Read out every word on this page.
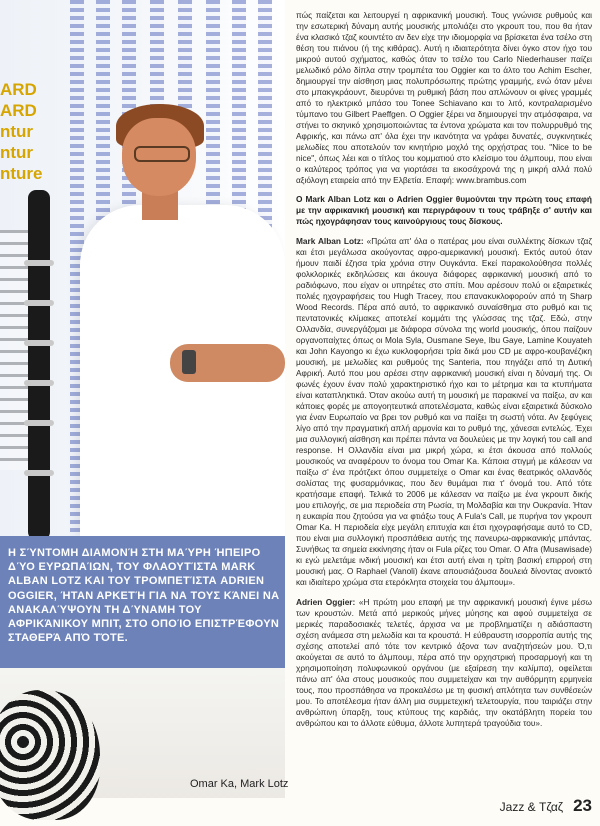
ARD
ARD
ntur
ntur
nture
Η ΣΎΝΤΟΜΗ ΔΙΑΜΟΝΉ ΣΤΗ ΜΑΎΡΗ ΉΠΕΙΡΟ ΔΎΟ ΕΥΡΩΠΑΊΩΝ, ΤΟΥ ΦΛΑΟΥΤΊΣΤΑ MARK ALBAN LOTZ ΚΑΙ ΤΟΥ ΤΡΟΜΠΕΤΊΣΤΑ ADRIEN OGGIER, ΉΤΑΝ ΑΡΚΕΤΉ ΓΙΑ ΝΑ ΤΟΥΣ ΚΆΝΕΙ ΝΑ ΑΝΑΚΑΛΎΨΟΥΝ ΤΗ ΔΎΝΑΜΗ ΤΟΥ ΑΦΡΙΚΆΝΙΚΟΥ ΜΠΙΤ, ΣΤΟ ΟΠΟΊΟ ΕΠΙΣΤΡΈΦΟΥΝ ΣΤΑΘΕΡΆ ΑΠΌ ΤΌΤΕ.
Omar Ka, Mark Lotz

πώς παίζεται και λειτουργεί η αφρικανική μουσική. Τους γνώνισε ρυθμούς και την εσωτερική δύναμη αυτής μουσικής μπολιάζει στο γκρουπ του, που θα ήταν ένα κλασικό τζαζ κουιντέτο αν δεν είχε την ιδιομορφία να βρίσκεται ένα τσέλο στη θέση του πιάνου (ή της κιθάρας). Αυτή η ιδιαιτερότητα δίνει όγκο στον ήχο του μικρού αυτού σχήματος, καθώς όταν το τσέλο του Carlo Niederhauser παίζει μελωδικό ρόλο δίπλα στην τρομπέτα του Oggier και το άλτο του Achim Escher, δημιουργεί την αίσθηση μιας πολυπρόσωπης πρώτης γραμμής, ενώ όταν μένει στο μπακγκράουντ, διευρύνει τη ρυθμική βάση που απλώνουν οι φίνες γραμμές από το ηλεκτρικό μπάσο του Tonee Schiavano και το λιτό, κοντραλαρισμένο τύμπανο του Gilbert Paeffgen. Ο Oggier ξέρει να δημιουργεί την ατμόσφαιρα, να στήνει το σκηνικό χρησιμοποιώντας τα έντονα χρώματα και τον πολυρρυθμό της Αφρικής, και πάνω απ' όλα έχει την ικανότητα να γράφει δυνατές, συγκινητικές μελωδίες που αποτελούν τον κινητήριο μοχλό της ορχήστρας του. "Nice to be nice", όπως λέει και ο τίτλος του κομματιού στο κλείσιμο του άλμπουμ, που είναι ο καλύτερος τρόπος για να γιορτάσει τα εικοσάχρονά της η μικρή αλλά πολύ αξιόλογη εταιρεία από την Ελβετία. Επαφή: www.brambus.com

Ο Mark Alban Lotz και ο Adrien Oggier θυμούνται την πρώτη τους επαφή με την αφρικανική μουσική και περιγράφουν τι τους τράβηξε σ' αυτήν και πώς ηχογράφησαν τους καινούργιους τους δίσκους.

Mark Alban Lotz: «Πρώτα απ' όλα ο πατέρας μου είναι συλλέκτης δίσκων τζαζ και έτσι μεγάλωσα ακούγοντας αφρο-αμερικανική μουσική. Εκτός αυτού όταν ήμουν παιδί έζησα τρία χρόνια στην Ουγκάντα. Εκεί παρακολούθησα πολλές φολκλορικές εκδηλώσεις και άκουγα διάφορες αφρικανική μουσική από το ραδιόφωνο, που είχαν οι υπηρέτες στο σπίτι. Μου αρέσουν πολύ οι εξαιρετικές πολιές ηχογραφήσεις του Hugh Tracey, που επανακυκλοφορούν από τη Sharp Wood Records. Πέρα από αυτό, το αφρικανικό συναίσθημα στο ρυθμό και τις πεντατονικές κλίμακες αποτελεί κομμάτι της γλώσσας της τζαζ. Εδώ, στην Ολλανδία, συνεργάζομαι με διάφορα σύνολα της world μουσικής, όπου παίζουν οργανοπαίχτες όπως οι Mola Syla, Ousmane Seye, Ibu Gaye, Lamine Kouyateh και John Kayongo κι έχω κυκλοφορήσει τρία δικά μου CD με αφρο-κουβανέζικη μουσική, με μελωδίες και ρυθμούς της Santeria, που πηγάζει από τη Δυτική Αφρική. Αυτό που μου αρέσει στην αφρικανική μουσική είναι η δύναμή της. Οι φωνές έχουν έναν πολύ χαρακτηριστικό ήχο και το μέτρημα και τα κτυπήματα είναι καταπληκτικά. Όταν ακούω αυτή τη μουσική με παρακινεί να παίξω, αν και κάποιες φορές με απογοητευτικά αποτελέσματα, καθώς είναι εξαιρετικά δύσκολο για έναν Ευρωπαίο να βρει τον ρυθμό και να παίξει τη σωστή νότα. Αν ξεφύγεις λίγο από την πραγματική απλή αρμονία και το ρυθμό της, χάνεσαι εντελώς. Έχει μια συλλογική αίσθηση και πρέπει πάντα να δουλεύεις με την λογική του call and response. Η Ολλανδία είναι μια μικρή χώρα, κι έτσι άκουσα από πολλούς μουσικούς να αναφέρουν το όνομα του Omar Ka. Κάποια στιγμή με κάλεσαν να παίξω σ' ένα πρότζεκτ όπου συμμετείχε ο Omar και ένας θεατρικός ολλανδός σολίστας της φυσαρμόνικας, που δεν θυμάμαι πια τ' όνομά του. Από τότε κρατήσαμε επαφή. Τελικά το 2006 με κάλεσαν να παίξω με ένα γκρουπ δικής μου επιλογής, σε μια περιοδεία στη Ρωσία, τη Μολδαβία και την Ουκρανία. Ήταν η ευκαιρία που ζητούσα για να φτιάξω τους A Fula's Call, με πυρήνα τον γκρουπ Omar Ka. Η περιοδεία είχε μεγάλη επιτυχία και έτσι ηχογραφήσαμε αυτό το CD, που είναι μια συλλογική προσπάθεια αυτής της πανευρω-αφρικανικής μπάντας. Συνήθως τα σημεία εκκίνησης ήταν οι Fula ρίζες του Omar. Ο Afra (Musawisade) κι εγώ μελετάμε ινδική μουσική και έτσι αυτή είναι η τρίτη βασική επιρροή στη μουσική μας. Ο Raphael (Vanoli) έκανε απουσιάζουσα δουλειά δίνοντας ανοικτό και ιδιαίτερο χρώμα στα ετερόκλητα στοιχεία του άλμπουμ».

Adrien Oggier: «Η πρώτη μου επαφή με την αφρικανική μουσική έγινε μέσω των κρουστών. Μετά από μερικούς μήνες μύησης και αφού συμμετείχα σε μερικές παραδοσιακές τελετές, άρχισα να με προβληματίζει η αδιάσπαστη σχέση ανάμεσα στη μελωδία και τα κρουστά. Η εύθραυστη ισορροπία αυτής της σχέσης αποτελεί από τότε τον κεντρικό άξονα των αναζητήσεών μου. Ό,τι ακούγεται σε αυτό το άλμπουμ, πέρα από την ορχηστρική προσαρμογή και τη χρησιμοποίηση πολυφωνικού οργάνου (με εξαίρεση την καλίμπα), οφείλεται πάνω απ' όλα στους μουσικούς που συμμετείχαν και την αυθόρμητη ερμηνεία τους, που προσπάθησα να προκαλέσω με τη φυσική απλότητα των συνθέσεών μου. Το αποτέλεσμα ήταν άλλη μια συμμετεχική τελετουργία, που ταιριάζει στην ανθρώπινη ύπαρξη, τους κτύπους της καρδιάς, την οκατάβλητη πορεία του ανθρώπου και το άλλοτε εύθυμα, άλλοτε λυπητερά τραγούδια του».

Jazz & Τζαζ 23
